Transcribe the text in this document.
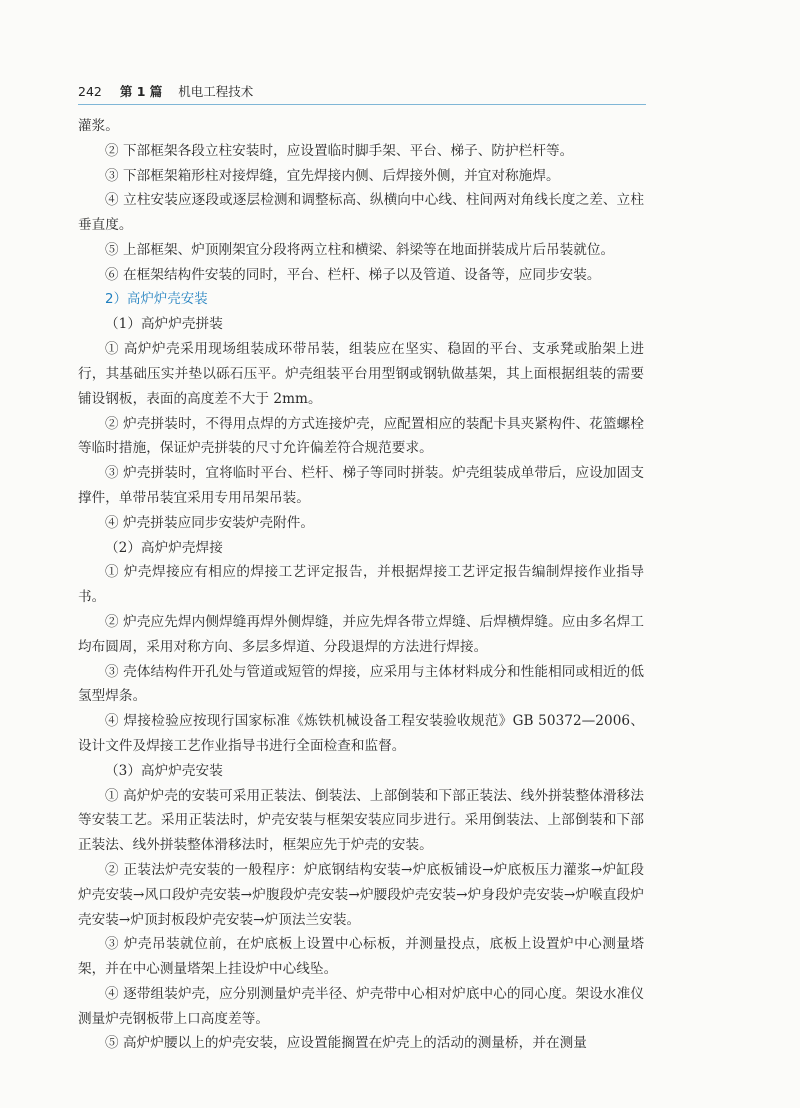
242 第 1 篇 机电工程技术

灌浆。

② 下部框架各段立柱安装时，应设置临时脚手架、平台、梯子、防护栏杆等。

③ 下部框架箱形柱对接焊缝，宜先焊接内侧、后焊接外侧，并宜对称施焊。

④ 立柱安装应逐段或逐层检测和调整标高、纵横向中心线、柱间两对角线长度之差、立柱垂直度。

⑤ 上部框架、炉顶刚架宜分段将两立柱和横梁、斜梁等在地面拼装成片后吊装就位。

⑥ 在框架结构件安装的同时，平台、栏杆、梯子以及管道、设备等，应同步安装。

2）高炉炉壳安装

（1）高炉炉壳拼装

① 高炉炉壳采用现场组装成环带吊装，组装应在坚实、稳固的平台、支承凳或胎架上进行，其基础压实并垫以砾石压平。炉壳组装平台用型钢或钢轨做基架，其上面根据组装的需要铺设钢板，表面的高度差不大于 2mm。

② 炉壳拼装时，不得用点焊的方式连接炉壳，应配置相应的装配卡具夹紧构件、花篮螺栓等临时措施，保证炉壳拼装的尺寸允许偏差符合规范要求。

③ 炉壳拼装时，宜将临时平台、栏杆、梯子等同时拼装。炉壳组装成单带后，应设加固支撑件，单带吊装宜采用专用吊架吊装。

④ 炉壳拼装应同步安装炉壳附件。

（2）高炉炉壳焊接

① 炉壳焊接应有相应的焊接工艺评定报告，并根据焊接工艺评定报告编制焊接作业指导书。

② 炉壳应先焊内侧焊缝再焊外侧焊缝，并应先焊各带立焊缝、后焊横焊缝。应由多名焊工均布圆周，采用对称方向、多层多焊道、分段退焊的方法进行焊接。

③ 壳体结构件开孔处与管道或短管的焊接，应采用与主体材料成分和性能相同或相近的低氢型焊条。

④ 焊接检验应按现行国家标准《炼铁机械设备工程安装验收规范》GB 50372—2006、设计文件及焊接工艺作业指导书进行全面检查和监督。

（3）高炉炉壳安装

① 高炉炉壳的安装可采用正装法、倒装法、上部倒装和下部正装法、线外拼装整体滑移法等安装工艺。采用正装法时，炉壳安装与框架安装应同步进行。采用倒装法、上部倒装和下部正装法、线外拼装整体滑移法时，框架应先于炉壳的安装。

② 正装法炉壳安装的一般程序：炉底钢结构安装→炉底板铺设→炉底板压力灌浆→炉缸段炉壳安装→风口段炉壳安装→炉腹段炉壳安装→炉腰段炉壳安装→炉身段炉壳安装→炉喉直段炉壳安装→炉顶封板段炉壳安装→炉顶法兰安装。

③ 炉壳吊装就位前，在炉底板上设置中心标板，并测量投点，底板上设置炉中心测量塔架，并在中心测量塔架上挂设炉中心线坠。

④ 逐带组装炉壳，应分别测量炉壳半径、炉壳带中心相对炉底中心的同心度。架设水准仪测量炉壳钢板带上口高度差等。

⑤ 高炉炉腰以上的炉壳安装，应设置能搁置在炉壳上的活动的测量桥，并在测量
